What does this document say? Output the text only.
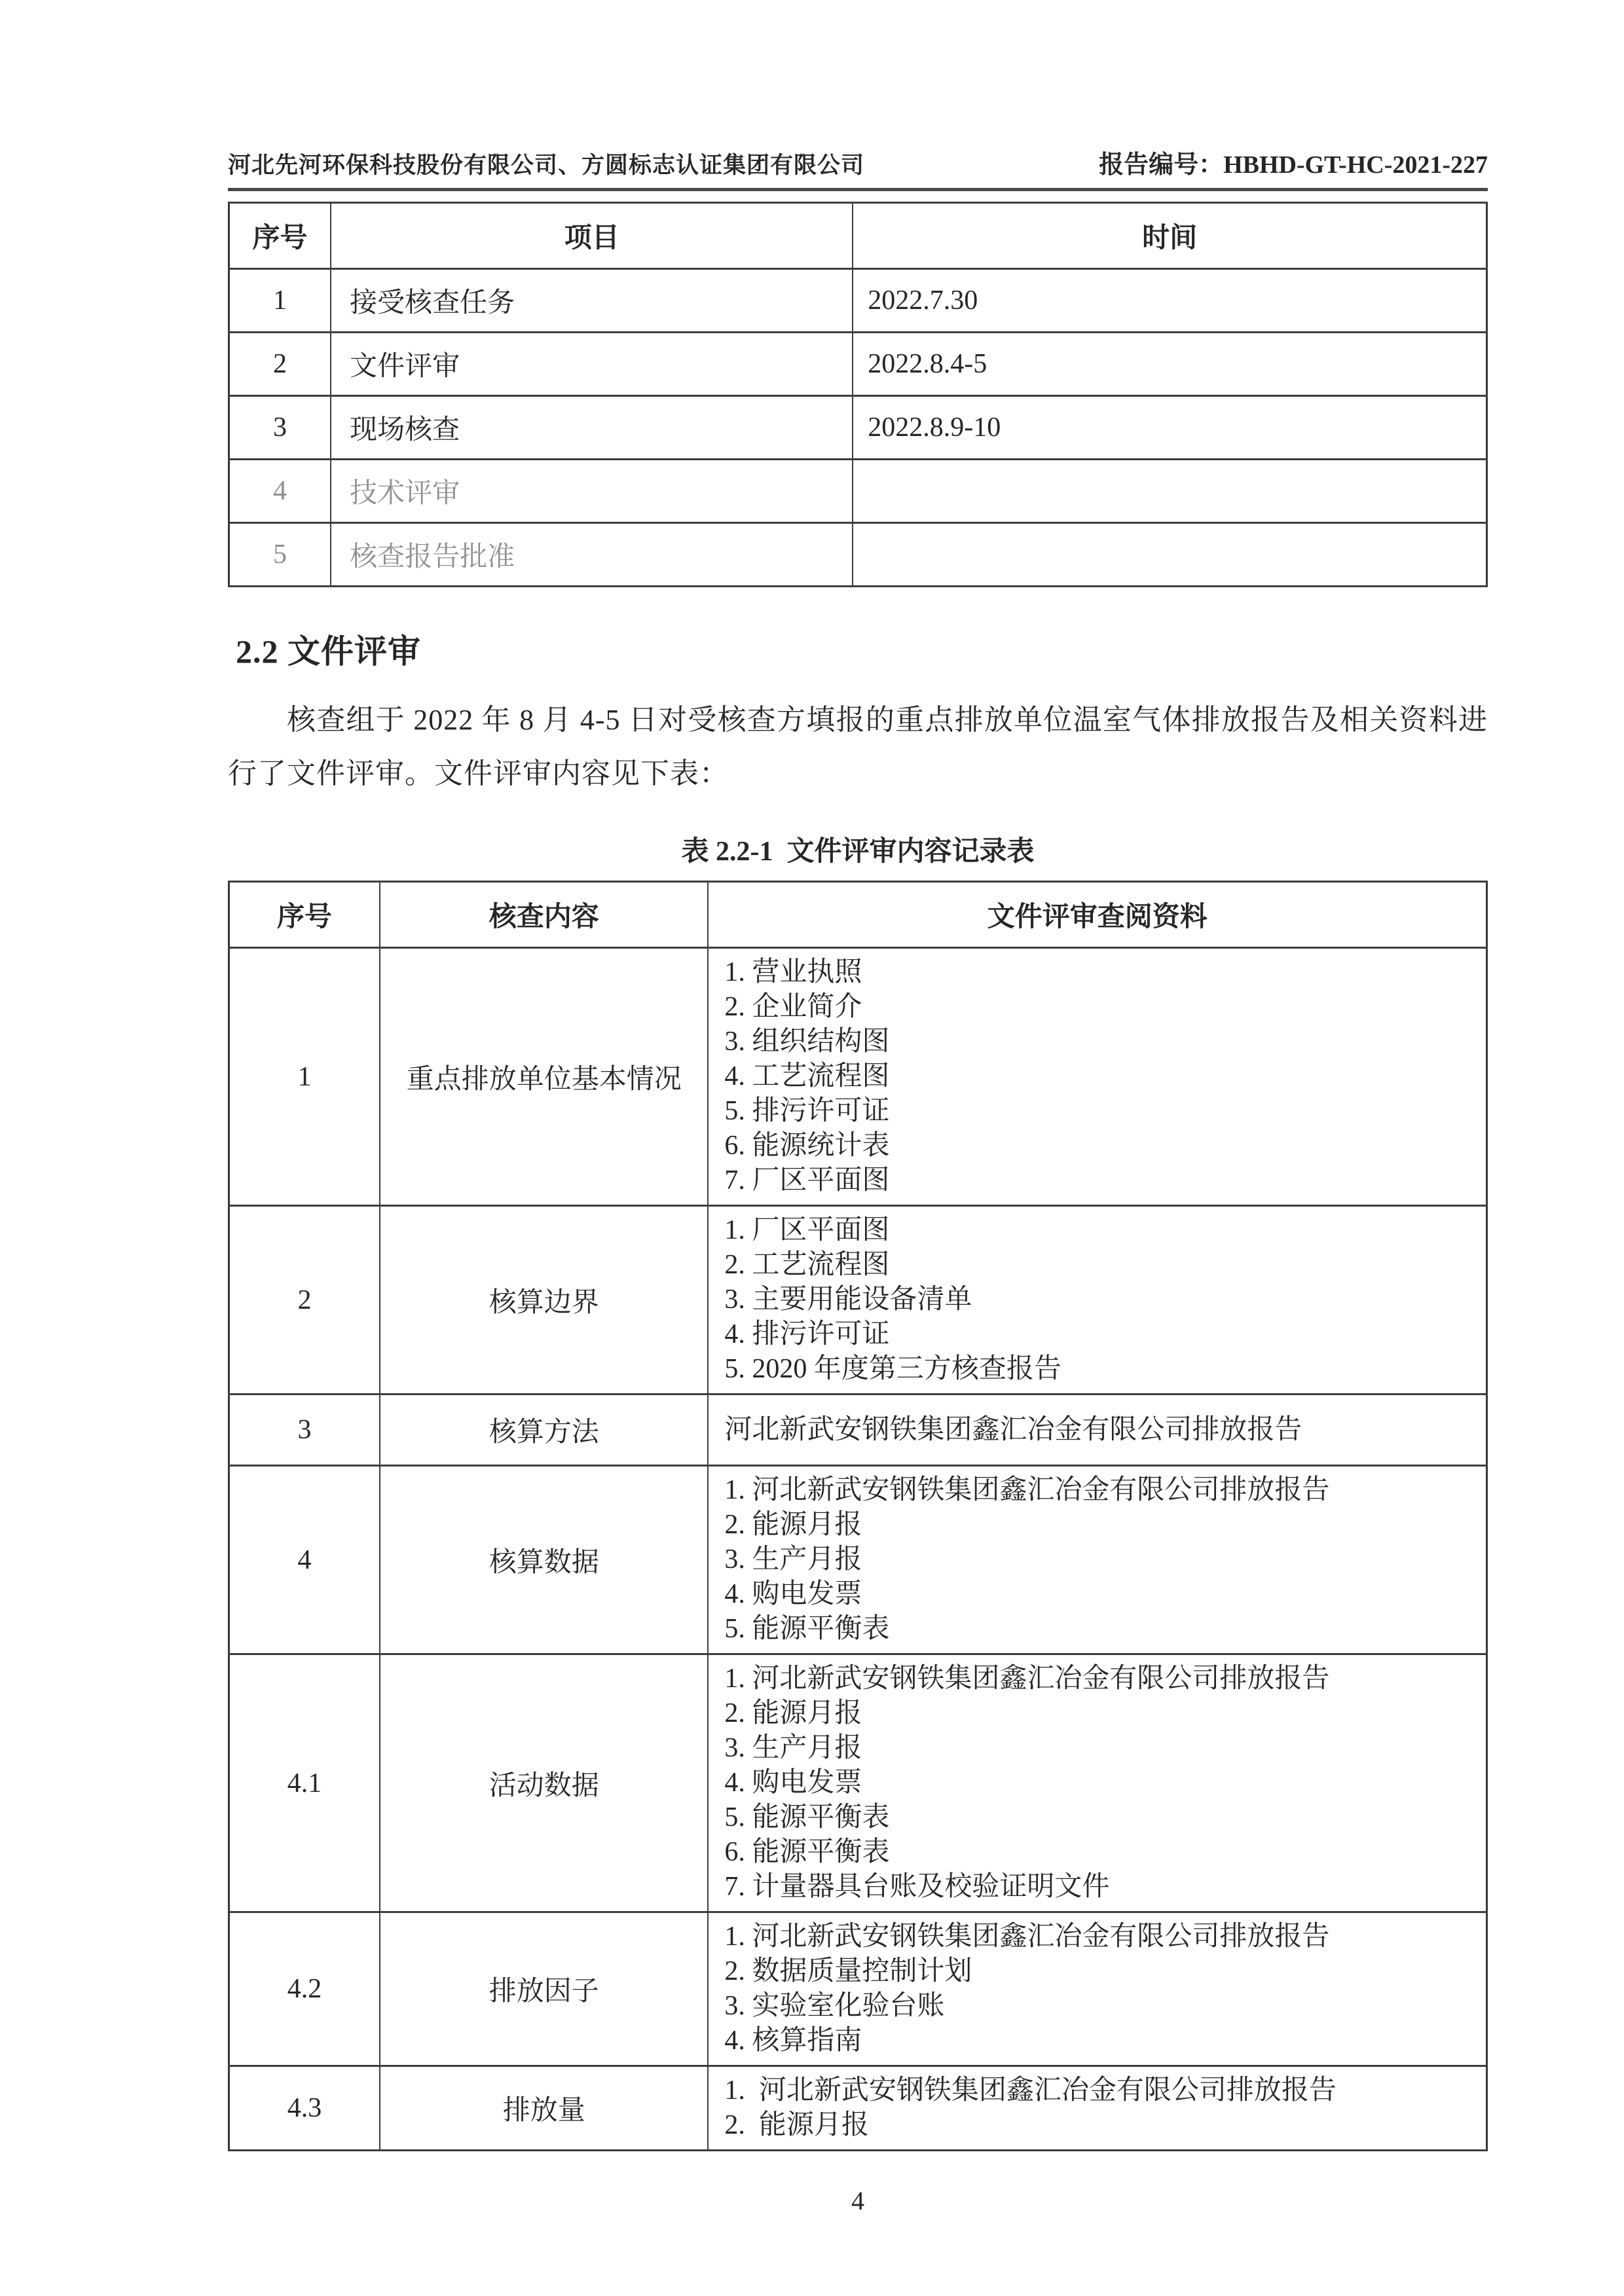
河北先河环保科技股份有限公司、方圆标志认证集团有限公司	报告编号：HBHD-GT-HC-2021-227
序号	项目	时间
1	接受核查任务	2022.7.30
2	文件评审	2022.8.4-5
3	现场核查	2022.8.9-10
4	技术评审	
5	核查报告批准	
2.2 文件评审

核查组于 2022 年 8 月 4-5 日对受核查方填报的重点排放单位温室气体排放报告及相关资料进行了文件评审。文件评审内容见下表：

表 2.2-1  文件评审内容记录表
序号	核查内容	文件评审查阅资料
1	重点排放单位基本情况	
1. 营业执照
2. 企业简介
3. 组织结构图
4. 工艺流程图
5. 排污许可证
6. 能源统计表
7. 厂区平面图

2	核算边界	1. 厂区平面图
2. 工艺流程图
3. 主要用能设备清单
4. 排污许可证
5. 2020 年度第三方核查报告

3	核算方法	河北新武安钢铁集团鑫汇冶金有限公司排放报告

4	核算数据	1. 河北新武安钢铁集团鑫汇冶金有限公司排放报告
2. 能源月报
3. 生产月报
4. 购电发票
5. 能源平衡表

4.1	活动数据	
1. 河北新武安钢铁集团鑫汇冶金有限公司排放报告
2. 能源月报
3. 生产月报
4. 购电发票
5. 能源平衡表
6. 能源平衡表
7. 计量器具台账及校验证明文件

4.2	排放因子	1. 河北新武安钢铁集团鑫汇冶金有限公司排放报告
2. 数据质量控制计划
3. 实验室化验台账
4. 核算指南

4.3	排放量	1.  河北新武安钢铁集团鑫汇冶金有限公司排放报告
2.  能源月报
4
